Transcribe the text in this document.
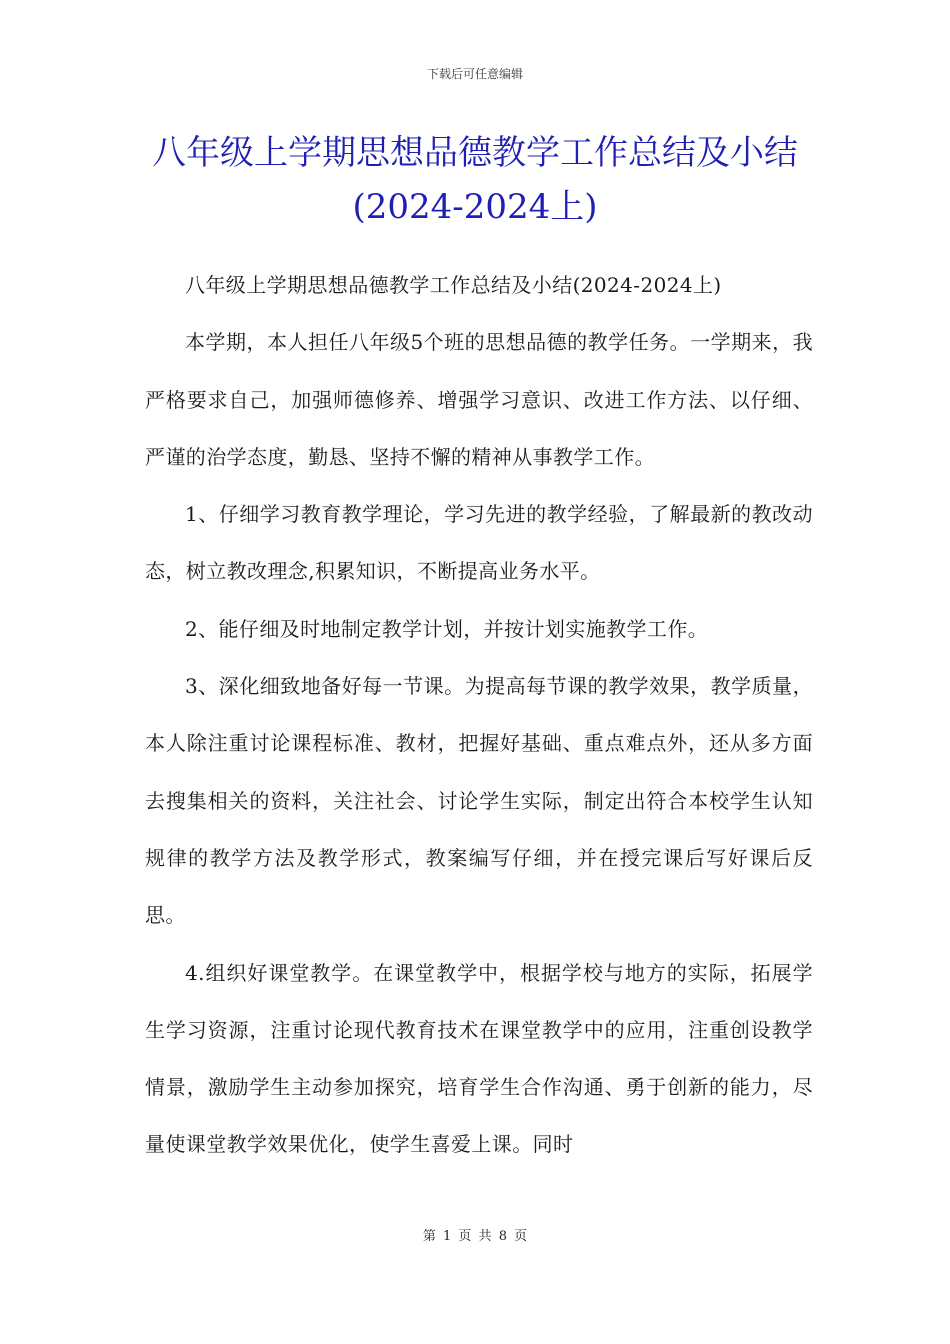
下载后可任意编辑
八年级上学期思想品德教学工作总结及小结(2024-2024上)

八年级上学期思想品德教学工作总结及小结(2024-2024上)

本学期，本人担任八年级5个班的思想品德的教学任务。一学期来，我严格要求自己，加强师德修养、增强学习意识、改进工作方法、以仔细、严谨的治学态度，勤恳、坚持不懈的精神从事教学工作。

1、仔细学习教育教学理论，学习先进的教学经验，了解最新的教改动态，树立教改理念,积累知识，不断提高业务水平。

2、能仔细及时地制定教学计划，并按计划实施教学工作。

3、深化细致地备好每一节课。为提高每节课的教学效果，教学质量，本人除注重讨论课程标准、教材，把握好基础、重点难点外，还从多方面去搜集相关的资料，关注社会、讨论学生实际，制定出符合本校学生认知规律的教学方法及教学形式，教案编写仔细，并在授完课后写好课后反思。

4.组织好课堂教学。在课堂教学中，根据学校与地方的实际，拓展学生学习资源，注重讨论现代教育技术在课堂教学中的应用，注重创设教学情景，激励学生主动参加探究，培育学生合作沟通、勇于创新的能力，尽量使课堂教学效果优化，使学生喜爱上课。同时

第 1 页 共 8 页
